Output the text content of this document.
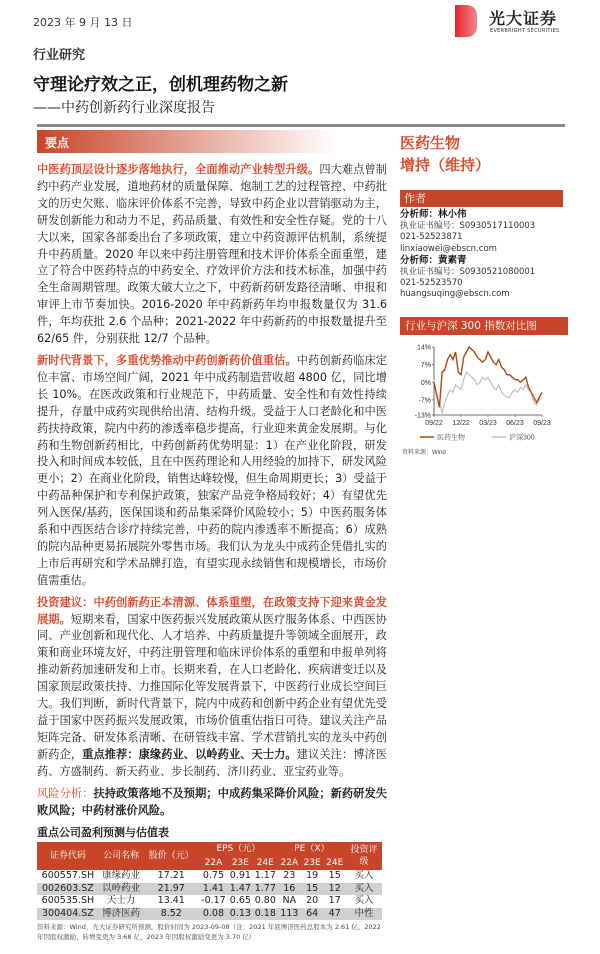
2023 年 9 月 13 日	光大证券
EVERBRIGHT SECURITIES
行业研究
守理论疗效之正，创机理药物之新
——中药创新药行业深度报告
要点

中医药顶层设计逐步落地执行，全面推动产业转型升级。四大难点曾制约中药产业发展，道地药材的质量保障、炮制工艺的过程管控、中药批文的历史欠账、临床评价体系不完善，导致中药企业以营销驱动为主，研发创新能力和动力不足，药品质量、有效性和安全性存疑。党的十八大以来，国家各部委出台了多项政策，建立中药资源评估机制，系统提升中药质量。2020 年以来中药注册管理和技术评价体系全面重塑，建立了符合中医药特点的中药安全、疗效评价方法和技术标准，加强中药全生命周期管理。政策大破大立之下，中药新药研发路径清晰、申报和审评上市节奏加快。2016-2020 年中药新药年均申报数量仅为 31.6 件，年均获批 2.6 个品种；2021-2022 年中药新药的申报数量提升至 62/65 件，分别获批 12/7 个品种。

新时代背景下，多重优势推动中药创新药价值重估。中药创新药临床定位丰富、市场空间广阔，2021 年中成药制造营收超 4800 亿，同比增长 10%。在医改政策和行业规范下，中药质量、安全性和有效性持续提升，存量中成药实现供给出清、结构升级。受益于人口老龄化和中医药扶持政策，院内中药的渗透率稳步提高，行业迎来黄金发展期。与化药和生物创新药相比，中药创新药优势明显：1）在产业化阶段，研发投入和时间成本较低，且在中医药理论和人用经验的加持下，研发风险更小；2）在商业化阶段，销售达峰较慢，但生命周期更长；3）受益于中药品种保护和专利保护政策，独家产品竞争格局较好；4）有望优先列入医保/基药，医保国谈和药品集采降价风险较小；5）中医药服务体系和中西医结合诊疗持续完善，中药的院内渗透率不断提高；6）成熟的院内品种更易拓展院外零售市场。我们认为龙头中成药企凭借扎实的上市后再研究和学术品牌打造，有望实现永续销售和规模增长，市场价值需重估。

投资建议：中药创新药正本清源、体系重塑，在政策支持下迎来黄金发展期。短期来看，国家中医药振兴发展政策从医疗服务体系、中西医协同、产业创新和现代化、人才培养、中药质量提升等领域全面展开，政策和商业环境友好，中药注册管理和临床评价体系的重塑和申报单列将推动新药加速研发和上市。长期来看，在人口老龄化、疾病谱变迁以及国家顶层政策扶持、力推国际化等发展背景下，中医药行业成长空间巨大。我们判断，新时代背景下，院内中成药和创新中药企业有望优先受益于国家中医药振兴发展政策，市场价值重估指日可待。建议关注产品矩阵完备、研发体系清晰、在研管线丰富、学术营销扎实的龙头中药创新药企，重点推荐：康缘药业、以岭药业、天士力。建议关注：博济医药、方盛制药、新天药业、步长制药、济川药业、亚宝药业等。

风险分析：扶持政策落地不及预期；中成药集采降价风险；新药研发失败风险；中药材涨价风险。

重点公司盈利预测与估值表
证券代码	公司名称	股价（元）	EPS（元）			PE（X）			投资评级
			22A	23E	24E	22A	23E	24E	
600557.SH	康缘药业	17.21	0.75	0.91	1.17	23	19	15	买入
002603.SZ	以岭药业	21.97	1.41	1.47	1.77	16	15	12	买入
600535.SH	天士力	13.41	-0.17	0.65	0.80	NA	20	17	买入
300404.SZ	博济医药	8.52	0.08	0.13	0.18	113	64	47	中性
资料来源：Wind，光大证券研究所预测，股价时间为 2023-09-08（注：2021 年底博济医药总股本为 2.61 亿，2022 年因股权激励、转增变更为 3.68 亿，2023 年因股权激励变更为 3.70 亿）
医药生物
增持（维持）
作者
分析师：林小伟
执业证书编号：S0930517110003
021-52523871
linxiaowei@ebscn.com
分析师：黄素青
执业证书编号：S0930521080001
021-52523570
huangsuqing@ebscn.com
行业与沪深 300 指数对比图
14%
7%
0%
-7%
-13%
09/22 12/22 03/23 06/23 09/23
医药生物	沪深300
资料来源：Wind
